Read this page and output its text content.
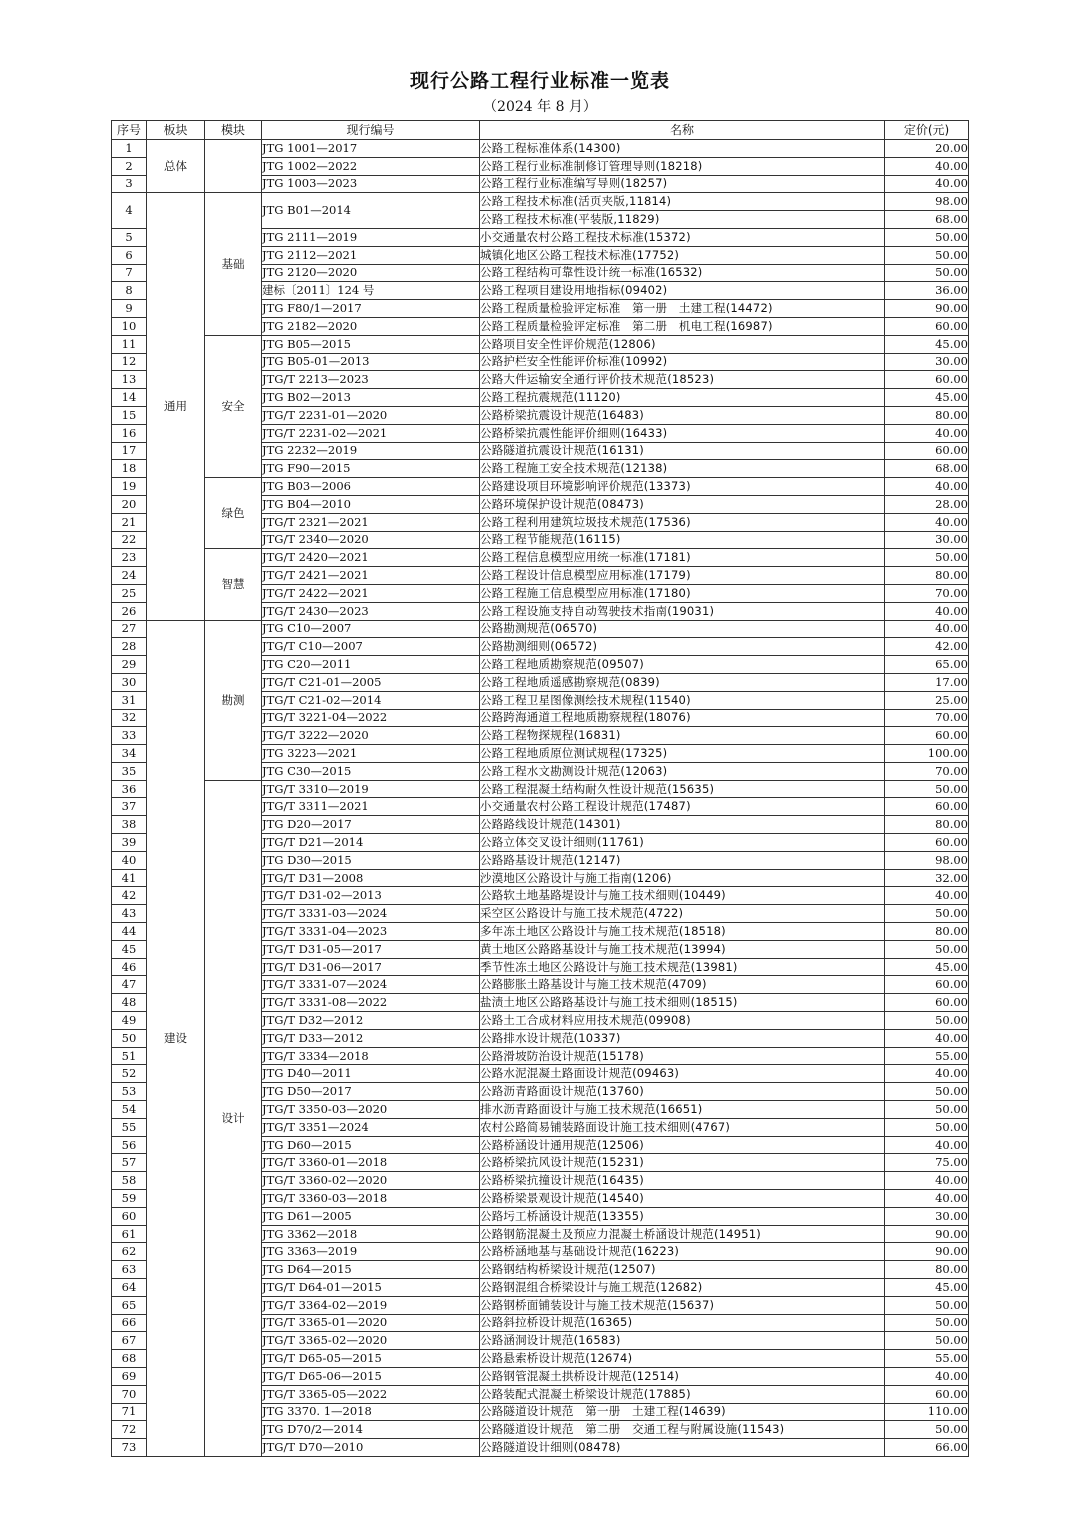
现行公路工程行业标准一览表
（2024 年 8 月）
序号	板块	模块	现行编号	名称	定价(元)
1	总体		JTG 1001—2017	公路工程标准体系(14300)	20.00
2			JTG 1002—2022	公路工程行业标准制修订管理导则(18218)	40.00
3			JTG 1003—2023	公路工程行业标准编写导则(18257)	40.00
4	通用	基础	JTG B01—2014	公路工程技术标准(活页夹版,11814)	98.00
				公路工程技术标准(平装版,11829)	68.00
5			JTG 2111—2019	小交通量农村公路工程技术标准(15372)	50.00
6			JTG 2112—2021	城镇化地区公路工程技术标准(17752)	50.00
7			JTG 2120—2020	公路工程结构可靠性设计统一标准(16532)	50.00
8			建标〔2011〕124 号	公路工程项目建设用地指标(09402)	36.00
9			JTG F80/1—2017	公路工程质量检验评定标准　第一册　土建工程(14472)	90.00
10			JTG 2182—2020	公路工程质量检验评定标准　第二册　机电工程(16987)	60.00
11		安全	JTG B05—2015	公路项目安全性评价规范(12806)	45.00
12			JTG B05-01—2013	公路护栏安全性能评价标准(10992)	30.00
13			JTG/T 2213—2023	公路大件运输安全通行评价技术规范(18523)	60.00
14			JTG B02—2013	公路工程抗震规范(11120)	45.00
15			JTG/T 2231-01—2020	公路桥梁抗震设计规范(16483)	80.00
16			JTG/T 2231-02—2021	公路桥梁抗震性能评价细则(16433)	40.00
17			JTG 2232—2019	公路隧道抗震设计规范(16131)	60.00
18			JTG F90—2015	公路工程施工安全技术规范(12138)	68.00
19		绿色	JTG B03—2006	公路建设项目环境影响评价规范(13373)	40.00
20			JTG B04—2010	公路环境保护设计规范(08473)	28.00
21			JTG/T 2321—2021	公路工程利用建筑垃圾技术规范(17536)	40.00
22			JTG/T 2340—2020	公路工程节能规范(16115)	30.00
23		智慧	JTG/T 2420—2021	公路工程信息模型应用统一标准(17181)	50.00
24			JTG/T 2421—2021	公路工程设计信息模型应用标准(17179)	80.00
25			JTG/T 2422—2021	公路工程施工信息模型应用标准(17180)	70.00
26			JTG/T 2430—2023	公路工程设施支持自动驾驶技术指南(19031)	40.00
27	建设	勘测	JTG C10—2007	公路勘测规范(06570)	40.00
28			JTG/T C10—2007	公路勘测细则(06572)	42.00
29			JTG C20—2011	公路工程地质勘察规范(09507)	65.00
30			JTG/T C21-01—2005	公路工程地质遥感勘察规范(0839)	17.00
31			JTG/T C21-02—2014	公路工程卫星图像测绘技术规程(11540)	25.00
32			JTG/T 3221-04—2022	公路跨海通道工程地质勘察规程(18076)	70.00
33			JTG/T 3222—2020	公路工程物探规程(16831)	60.00
34			JTG 3223—2021	公路工程地质原位测试规程(17325)	100.00
35			JTG C30—2015	公路工程水文勘测设计规范(12063)	70.00
36		设计	JTG/T 3310—2019	公路工程混凝土结构耐久性设计规范(15635)	50.00
37			JTG/T 3311—2021	小交通量农村公路工程设计规范(17487)	60.00
38			JTG D20—2017	公路路线设计规范(14301)	80.00
39			JTG/T D21—2014	公路立体交叉设计细则(11761)	60.00
40			JTG D30—2015	公路路基设计规范(12147)	98.00
41			JTG/T D31—2008	沙漠地区公路设计与施工指南(1206)	32.00
42			JTG/T D31-02—2013	公路软土地基路堤设计与施工技术细则(10449)	40.00
43			JTG/T 3331-03—2024	采空区公路设计与施工技术规范(4722)	50.00
44			JTG/T 3331-04—2023	多年冻土地区公路设计与施工技术规范(18518)	80.00
45			JTG/T D31-05—2017	黄土地区公路路基设计与施工技术规范(13994)	50.00
46			JTG/T D31-06—2017	季节性冻土地区公路设计与施工技术规范(13981)	45.00
47			JTG/T 3331-07—2024	公路膨胀土路基设计与施工技术规范(4709)	60.00
48			JTG/T 3331-08—2022	盐渍土地区公路路基设计与施工技术细则(18515)	60.00
49			JTG/T D32—2012	公路土工合成材料应用技术规范(09908)	50.00
50			JTG/T D33—2012	公路排水设计规范(10337)	40.00
51			JTG/T 3334—2018	公路滑坡防治设计规范(15178)	55.00
52			JTG D40—2011	公路水泥混凝土路面设计规范(09463)	40.00
53			JTG D50—2017	公路沥青路面设计规范(13760)	50.00
54			JTG/T 3350-03—2020	排水沥青路面设计与施工技术规范(16651)	50.00
55			JTG/T 3351—2024	农村公路简易铺装路面设计施工技术细则(4767)	50.00
56			JTG D60—2015	公路桥涵设计通用规范(12506)	40.00
57			JTG/T 3360-01—2018	公路桥梁抗风设计规范(15231)	75.00
58			JTG/T 3360-02—2020	公路桥梁抗撞设计规范(16435)	40.00
59			JTG/T 3360-03—2018	公路桥梁景观设计规范(14540)	40.00
60			JTG D61—2005	公路圬工桥涵设计规范(13355)	30.00
61			JTG 3362—2018	公路钢筋混凝土及预应力混凝土桥涵设计规范(14951)	90.00
62			JTG 3363—2019	公路桥涵地基与基础设计规范(16223)	90.00
63			JTG D64—2015	公路钢结构桥梁设计规范(12507)	80.00
64			JTG/T D64-01—2015	公路钢混组合桥梁设计与施工规范(12682)	45.00
65			JTG/T 3364-02—2019	公路钢桥面铺装设计与施工技术规范(15637)	50.00
66			JTG/T 3365-01—2020	公路斜拉桥设计规范(16365)	50.00
67			JTG/T 3365-02—2020	公路涵洞设计规范(16583)	50.00
68			JTG/T D65-05—2015	公路悬索桥设计规范(12674)	55.00
69			JTG/T D65-06—2015	公路钢管混凝土拱桥设计规范(12514)	40.00
70			JTG/T 3365-05—2022	公路装配式混凝土桥梁设计规范(17885)	60.00
71			JTG 3370. 1—2018	公路隧道设计规范　第一册　土建工程(14639)	110.00
72			JTG D70/2—2014	公路隧道设计规范　第二册　交通工程与附属设施(11543)	50.00
73			JTG/T D70—2010	公路隧道设计细则(08478)	66.00
